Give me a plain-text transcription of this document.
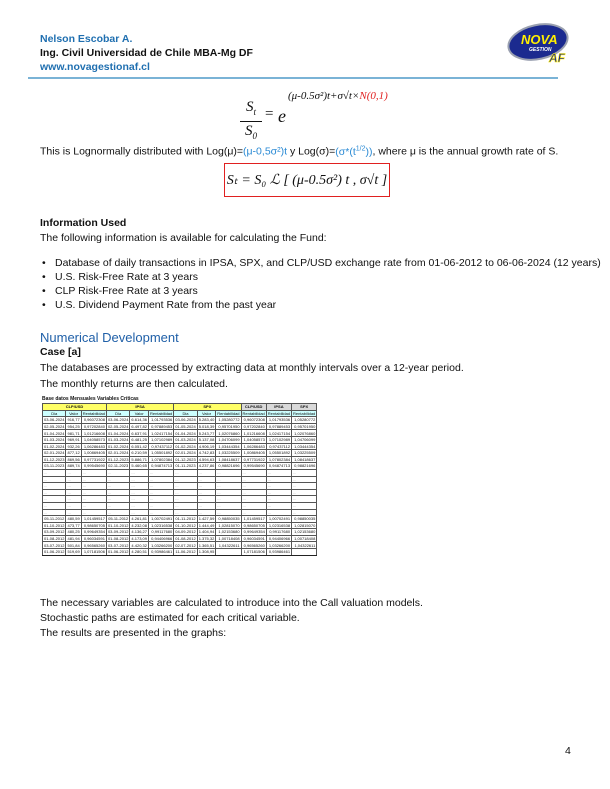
Nelson Escobar A.
Ing. Civil Universidad de Chile MBA-Mg DF
www.novagestionaf.cl
NOVA
GESTION
AF
$\frac{S_t}{S_0} = e$
(μ-0.5σ²)t+σ√t×N(0,1)
This is Lognormally distributed with Log(μ)=(μ-0,5σ²)t y $Log(\sigma)=(\sigma*(t^{1/2}))$, where μ is the annual growth rate of S.
Sₜ = S₀ ℒ [ (μ-0.5σ²) t , σ√t ]
Information Used
The following information is available for calculating the Fund:
• Database of daily transactions in IPSA, SPX, and CLP/USD exchange rate from 01-06-2012 to 06-06-2024 (12 years)
• U.S. Risk-Free Rate at 3 years
• CLP Risk-Free Rate at 3 years
• U.S. Dividend Payment Rate from the past year
Numerical Development
Case [a]
The databases are processed by extracting data at monthly intervals over a 12-year period.
The monthly returns are then calculated.
Base datos Mensuales Variables Críticas
CLP/USD			IPSA			SPX			CLP/USD	IPSA	SPX
Dia	Valor	Rentabilidad	Dia	Valor	Rentabilidad	Dia	Valor	Rentabilidad	Rentabilidad	Rentabilidad	Rentabilidad
03-06-2024	916,77	0,96072308	03-06-2024	6.614,36	1,01793536	03-06-2024	5.283,40	1,05280772	0,96072308	1,01793536	1,05280772
02-05-2024	954,25	0,97202840	02-05-2024	6.497,82	0,97889453	01-05-2024	5.018,39	0,95701950	0,97202840	0,97889453	0,95701950
01-04-2024	981,71	1,01216608	01-04-2024	6.637,91	1,02417154	01-04-2024	5.243,77	1,02076860	1,01216608	1,02417154	1,02076860
01-03-2024	969,91	1,04058573	01-03-2024	6.481,25	1,07102989	01-03-2024	5.137,08	1,04706099	1,04058573	1,07102989	1,04706099
01-02-2024	932,26	1,06286483	01-02-2024	6.051,42	0,97437112	01-02-2024	4.906,19	1,03444354	1,06286483	0,97437112	1,03444354
02-01-2024	877,12	1,00869405	02-01-2024	6.210,59	1,05501892	02-01-2024	4.742,83	1,03225509	1,00869405	1,05501892	1,03225509
01-12-2023	869,56	0,97731922	01-12-2023	5.886,71	1,07802384	01-12-2023	4.594,63	1,08418637	0,97731922	1,07802384	1,08418637
03-11-2023	889,74	0,99545690	02-11-2023	5.460,65	0,94874713	01-11-2023	4.237,86	0,98821696	0,99545690	0,94874713	0,98821696
...	...	...	...	...	...	...	...	...	...	...	...
...	...	...	...	...	...	...	...	...	...	...	...
...	...	...	...	...	...	...	...	...	...	...	...
...	...	...	...	...	...	...	...	...	...	...	...
...	...	...	...	...	...	...	...	...	...	...	...
...	...	...	...	...	...	...	...	...	...	...	...
...	...	...	...	...	...	...	...	...	...	...	...
05-11-2012	480,59	1,01459517	05-11-2012	4.261,81	1,00702491	01-11-2012	1.427,59	0,98850035	1,01459517	1,00702491	0,98850035
01-10-2012	473,77	0,98650705	01-10-2012	4.232,08	1,02316538	01-10-2012	1.444,49	1,02815070	0,98650705	1,02316538	1,02815070
03-09-2012	480,25	0,99649354	03-09-2012	4.136,27	0,99117680	04-09-2012	1.404,94	1,02153680	0,99649354	0,99117680	1,02153680
01-08-2012	481,94	0,96034591	01-08-2012	4.173,09	0,94406966	01-08-2012	1.375,32	1,00718408	0,96034591	0,94406966	1,00718408
03-07-2012	501,84	0,96565260	03-07-2012	4.420,32	1,03266200	02-07-2012	1.365,51	1,04322611	0,96565260	1,03266200	1,04322611
01-06-2012	519,69	1,07181506	01-06-2012	4.280,51	0,93986461	11-06-2012	1.308,95		1,07181506	0,93986461	
The necessary variables are calculated to introduce into the Call valuation models.
Stochastic paths are estimated for each critical variable.
The results are presented in the graphs:
4
